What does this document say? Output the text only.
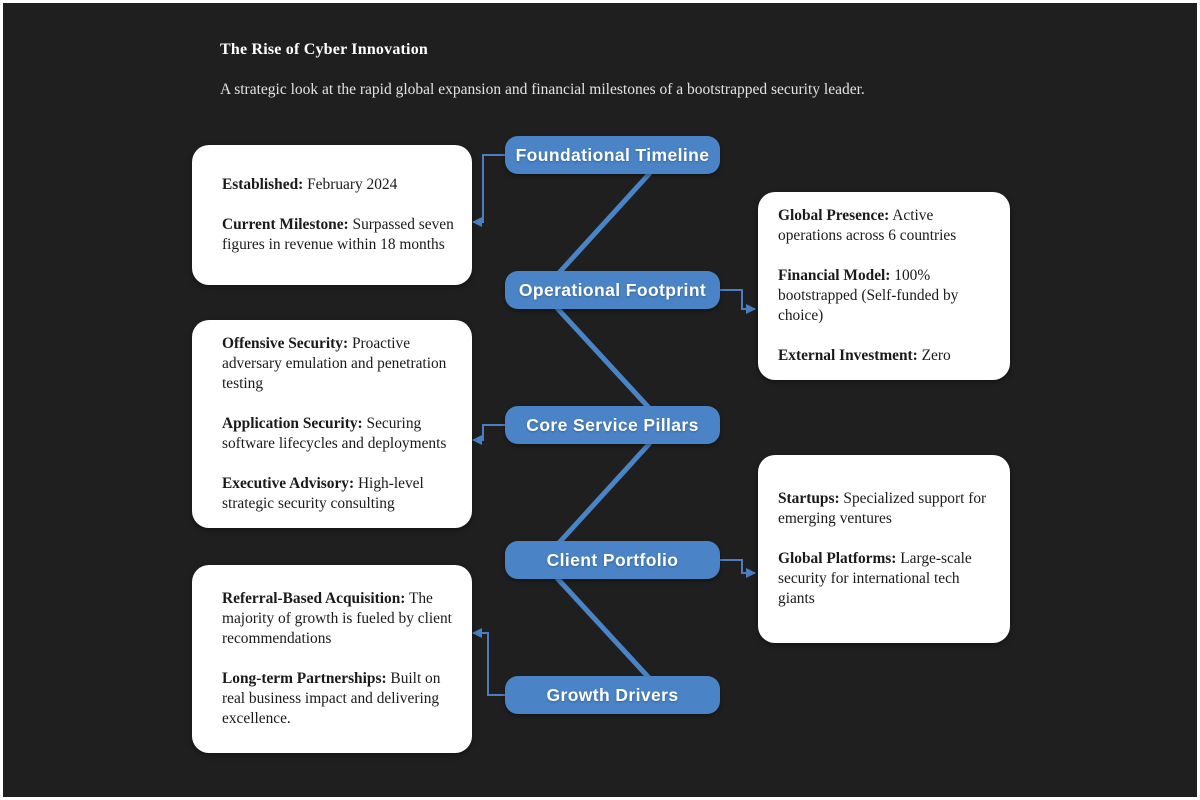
The Rise of Cyber Innovation
A strategic look at the rapid global expansion and financial milestones of a bootstrapped security leader.

Established: February 2024

Current Milestone: Surpassed seven figures in revenue within 18 months

Global Presence: Active operations across 6 countries

Financial Model: 100% bootstrapped (Self-funded by choice)

External Investment: Zero

Offensive Security: Proactive adversary emulation and penetration testing

Application Security: Securing software lifecycles and deployments

Executive Advisory: High-level strategic security consulting	Startups: Specialized support for emerging ventures

Global Platforms: Large-scale security for international tech giants

Referral-Based Acquisition: The majority of growth is fueled by client recommendations

Long-term Partnerships: Built on real business impact and delivering excellence.

Foundational Timeline
Operational Footprint
Core Service Pillars
Client Portfolio
Growth Drivers
